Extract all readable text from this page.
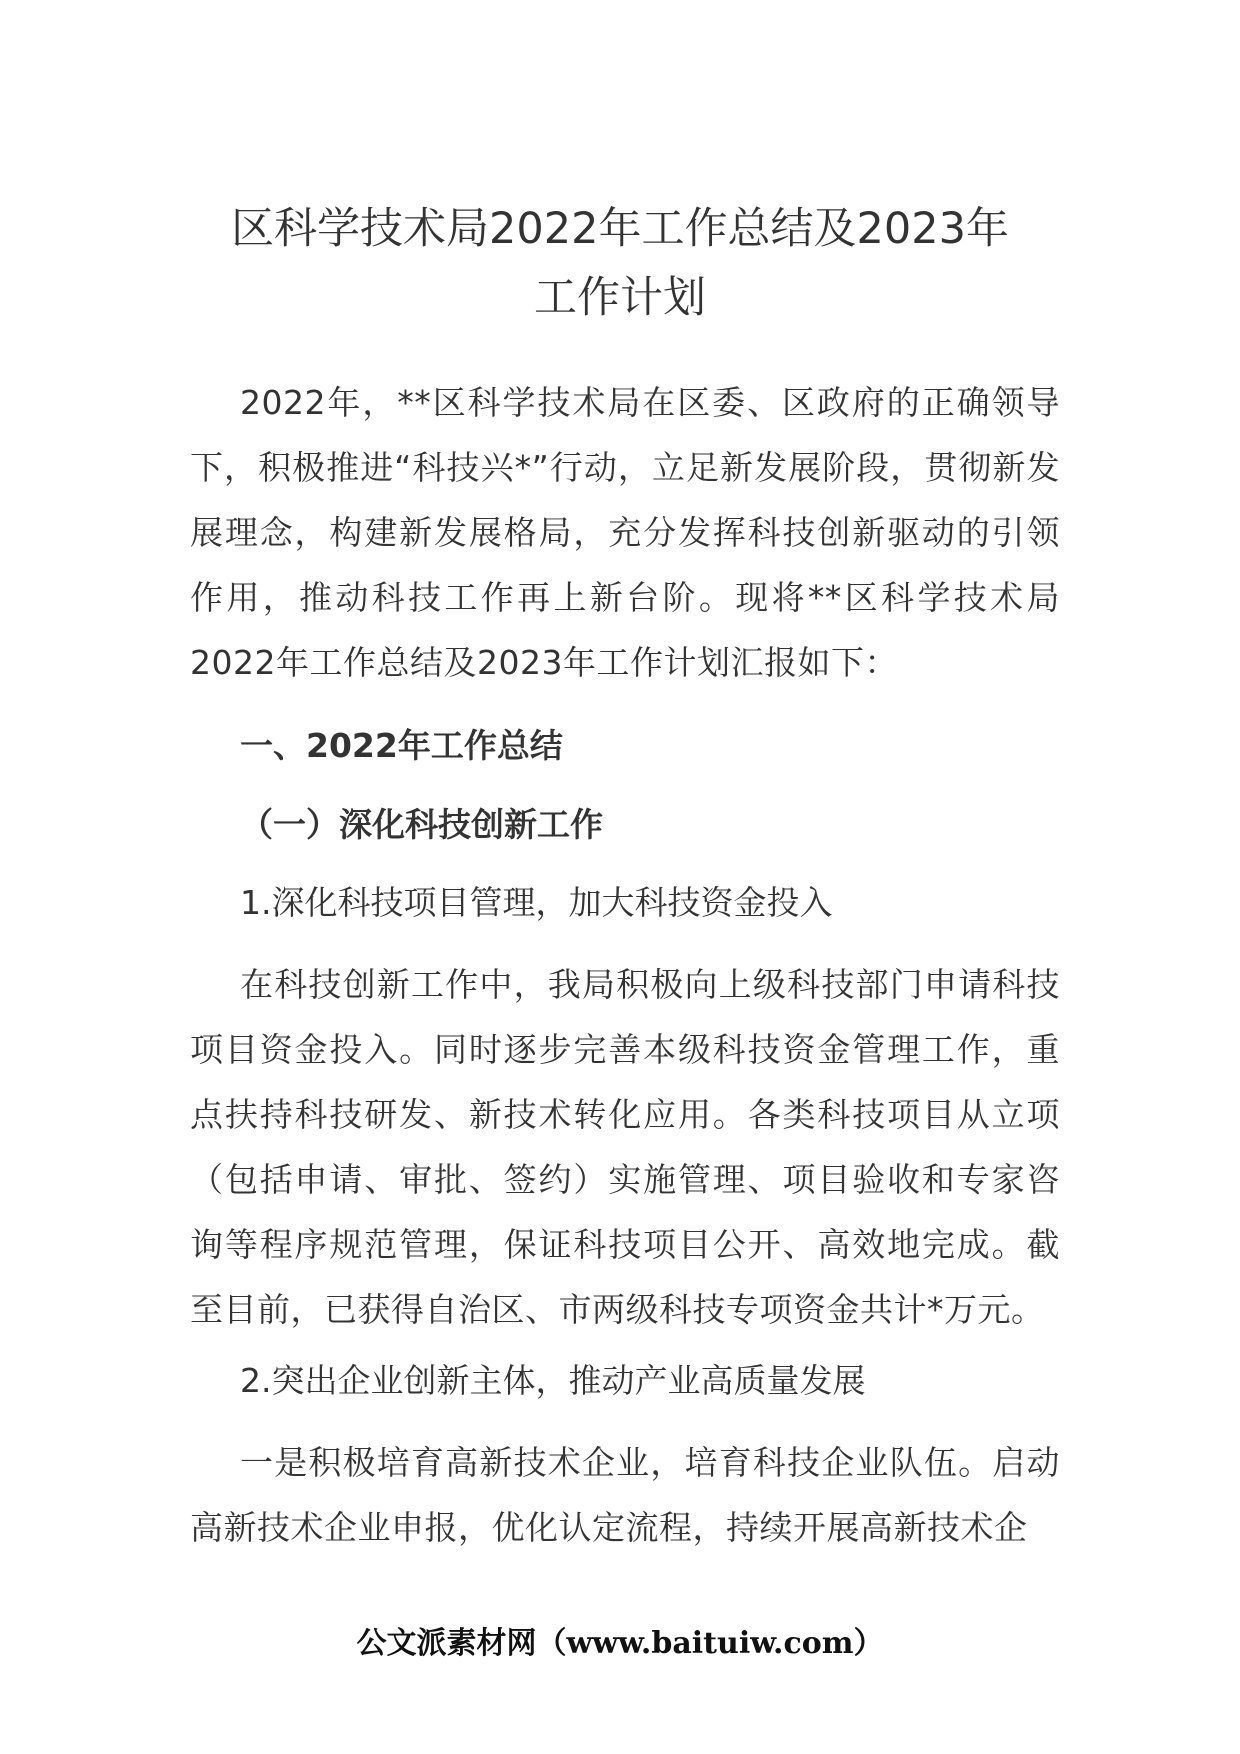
区科学技术局2022年工作总结及2023年
工作计划

2022年，**区科学技术局在区委、区政府的正确领导下，积极推进“科技兴*”行动，立足新发展阶段，贯彻新发展理念，构建新发展格局，充分发挥科技创新驱动的引领作用，推动科技工作再上新台阶。现将**区科学技术局2022年工作总结及2023年工作计划汇报如下：

一、2022年工作总结

（一）深化科技创新工作

1.深化科技项目管理，加大科技资金投入

在科技创新工作中，我局积极向上级科技部门申请科技项目资金投入。同时逐步完善本级科技资金管理工作，重点扶持科技研发、新技术转化应用。各类科技项目从立项（包括申请、审批、签约）实施管理、项目验收和专家咨询等程序规范管理，保证科技项目公开、高效地完成。截至目前，已获得自治区、市两级科技专项资金共计*万元。

2.突出企业创新主体，推动产业高质量发展

一是积极培育高新技术企业，培育科技企业队伍。启动高新技术企业申报，优化认定流程，持续开展高新技术企

公文派素材网（www.baituiw.com）
